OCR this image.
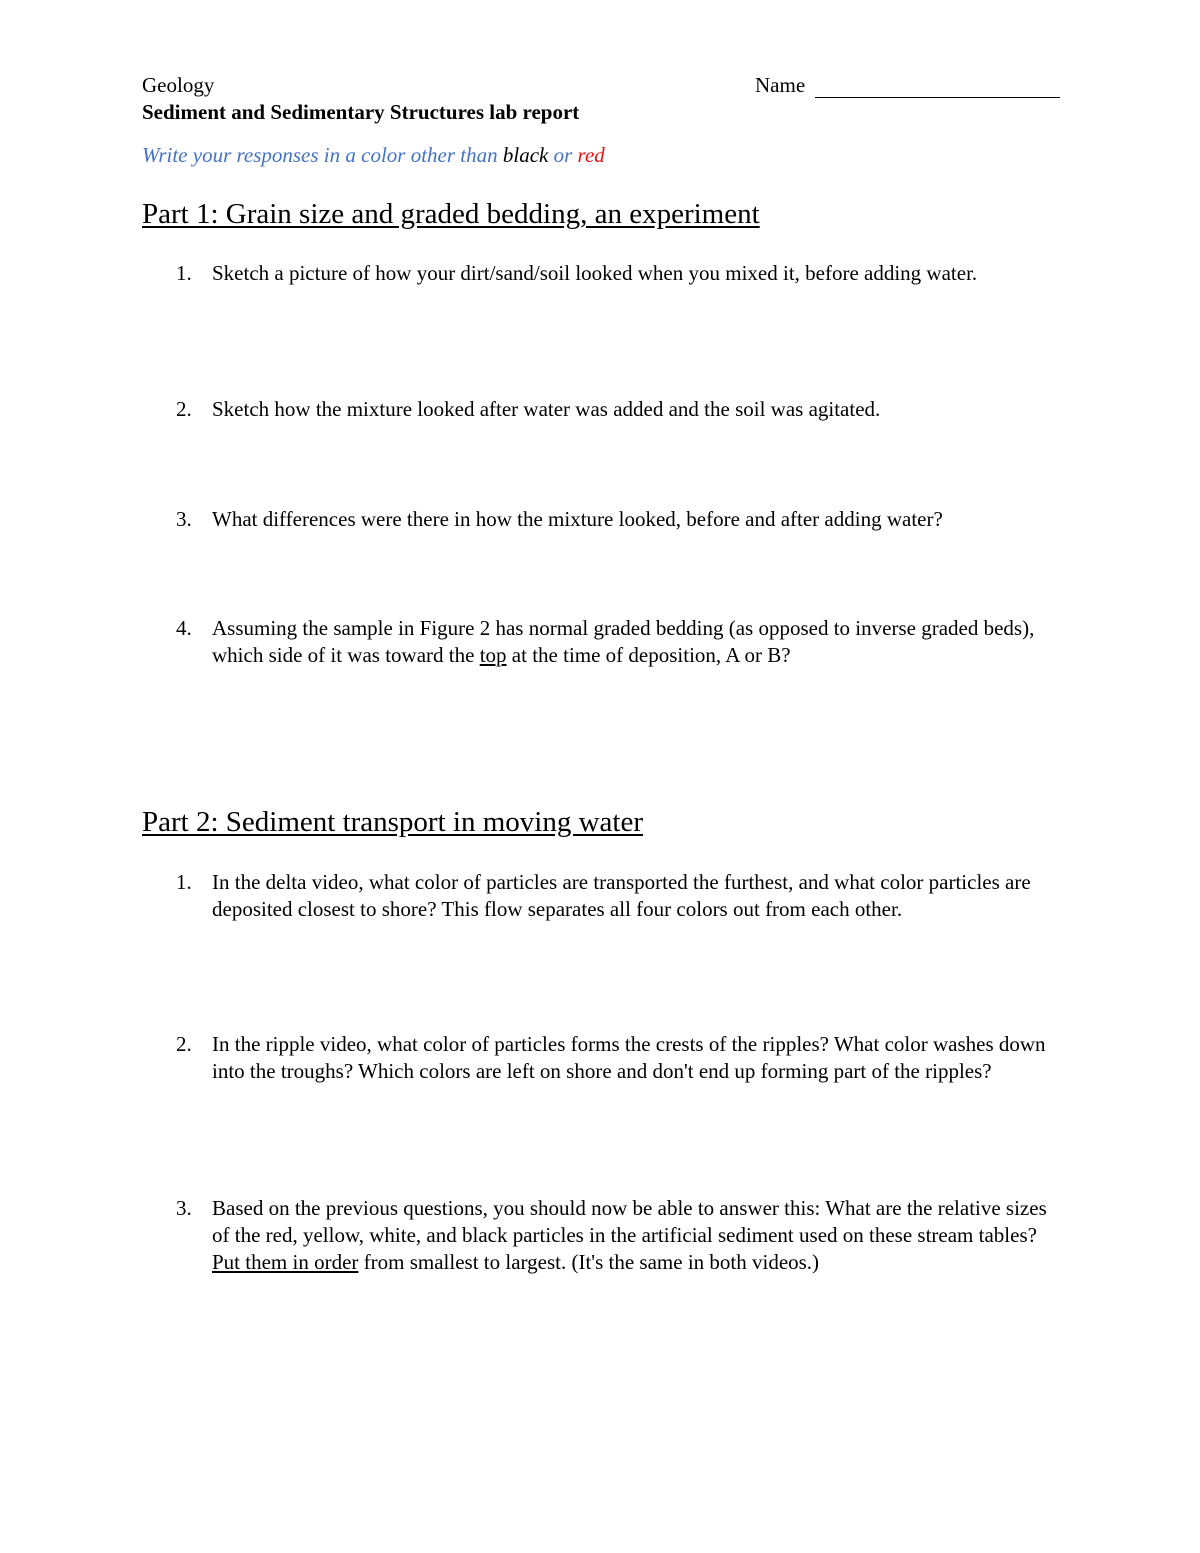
Geology	Name
Sediment and Sedimentary Structures lab report
Write your responses in a color other than black or red
Part 1: Grain size and graded bedding, an experiment
1. Sketch a picture of how your dirt/sand/soil looked when you mixed it, before adding water.
2. Sketch how the mixture looked after water was added and the soil was agitated.
3. What differences were there in how the mixture looked, before and after adding water?
4. Assuming the sample in Figure 2 has normal graded bedding (as opposed to inverse graded beds), which side of it was toward the top at the time of deposition, A or B?
Part 2: Sediment transport in moving water
1. In the delta video, what color of particles are transported the furthest, and what color particles are deposited closest to shore? This flow separates all four colors out from each other.
2. In the ripple video, what color of particles forms the crests of the ripples? What color washes down into the troughs? Which colors are left on shore and don't end up forming part of the ripples?
3. Based on the previous questions, you should now be able to answer this: What are the relative sizes of the red, yellow, white, and black particles in the artificial sediment used on these stream tables? Put them in order from smallest to largest. (It's the same in both videos.)
